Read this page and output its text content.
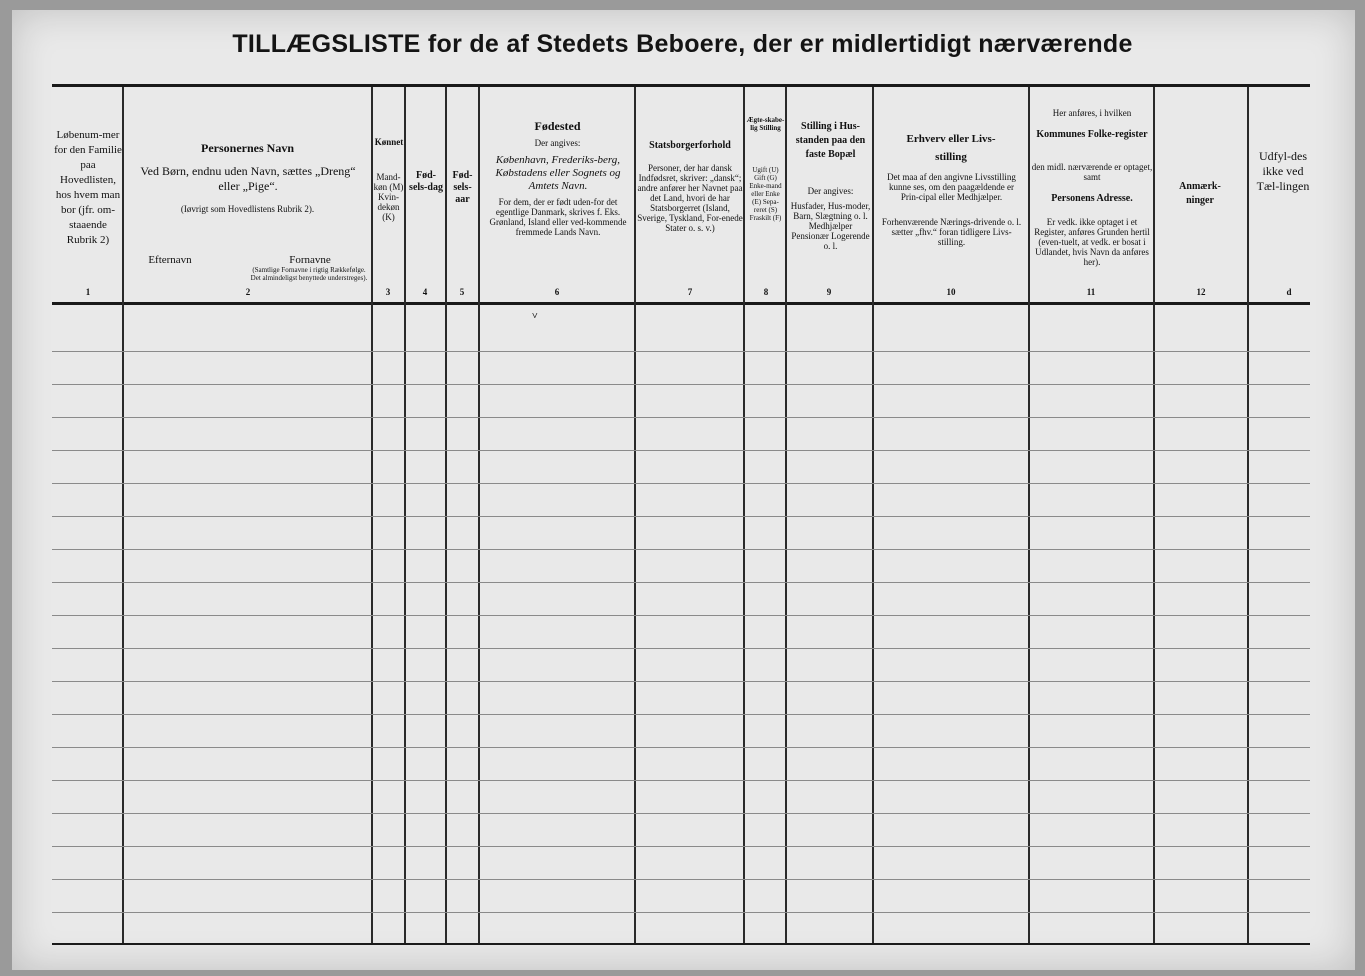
TILLÆGSLISTE for de af Stedets Beboere, der er midlertidigt nærværende
Løbenum-mer for den Familie paa Hovedlisten, hos hvem man bor (jfr. om-staaende Rubrik 2)
1
Personernes Navn
Ved Børn, endnu uden Navn, sættes „Dreng“ eller „Pige“.
(Iøvrigt som Hovedlistens Rubrik 2).
Efternavn	Fornavne
(Samtlige Fornavne i rigtig Rækkefølge. Det almindeligst benyttede understreges).
2
Kønnet
Mand-køn (M) Kvin-dekøn (K)
3
Fød-sels-dag
4
Fød-sels-aar
5
Fødested
Der angives:
København, Frederiks-berg, Købstadens eller Sognets og Amtets Navn.
For dem, der er født uden-for det egentlige Danmark, skrives f. Eks. Grønland, Island eller ved-kommende fremmede Lands Navn.
6
Statsborgerforhold
Personer, der har dansk Indfødsret, skriver: „dansk“; andre anfører her Navnet paa det Land, hvori de har Statsborgerret (Island, Sverige, Tyskland, For-enede Stater o. s. v.)
7
Ægte-skabe-lig Stilling
Ugift (U) Gift (G) Enke-mand eller Enke (E) Sepa-reret (S) Fraskilt (F)
8
Stilling i Hus-standen paa den faste Bopæl
Der angives:
Husfader, Hus-moder, Barn, Slægtning o. l. Medhjælper Pensionær Logerende o. l.
9
Erhverv eller Livs-stilling
Det maa af den angivne Livsstilling kunne ses, om den paagældende er Prin-cipal eller Medhjælper.
Forhenværende Nærings-drivende o. l. sætter „fhv.“ foran tidligere Livs-stilling.
10
Her anføres, i hvilken
Kommunes Folke-register
den midl. nærværende er optaget, samt
Personens Adresse.
Er vedk. ikke optaget i et Register, anføres Grunden hertil (even-tuelt, at vedk. er bosat i Udlandet, hvis Navn da anføres her).
11
Anmærk-ninger
12
Udfyl-des ikke ved Tæl-lingen
d
˅
